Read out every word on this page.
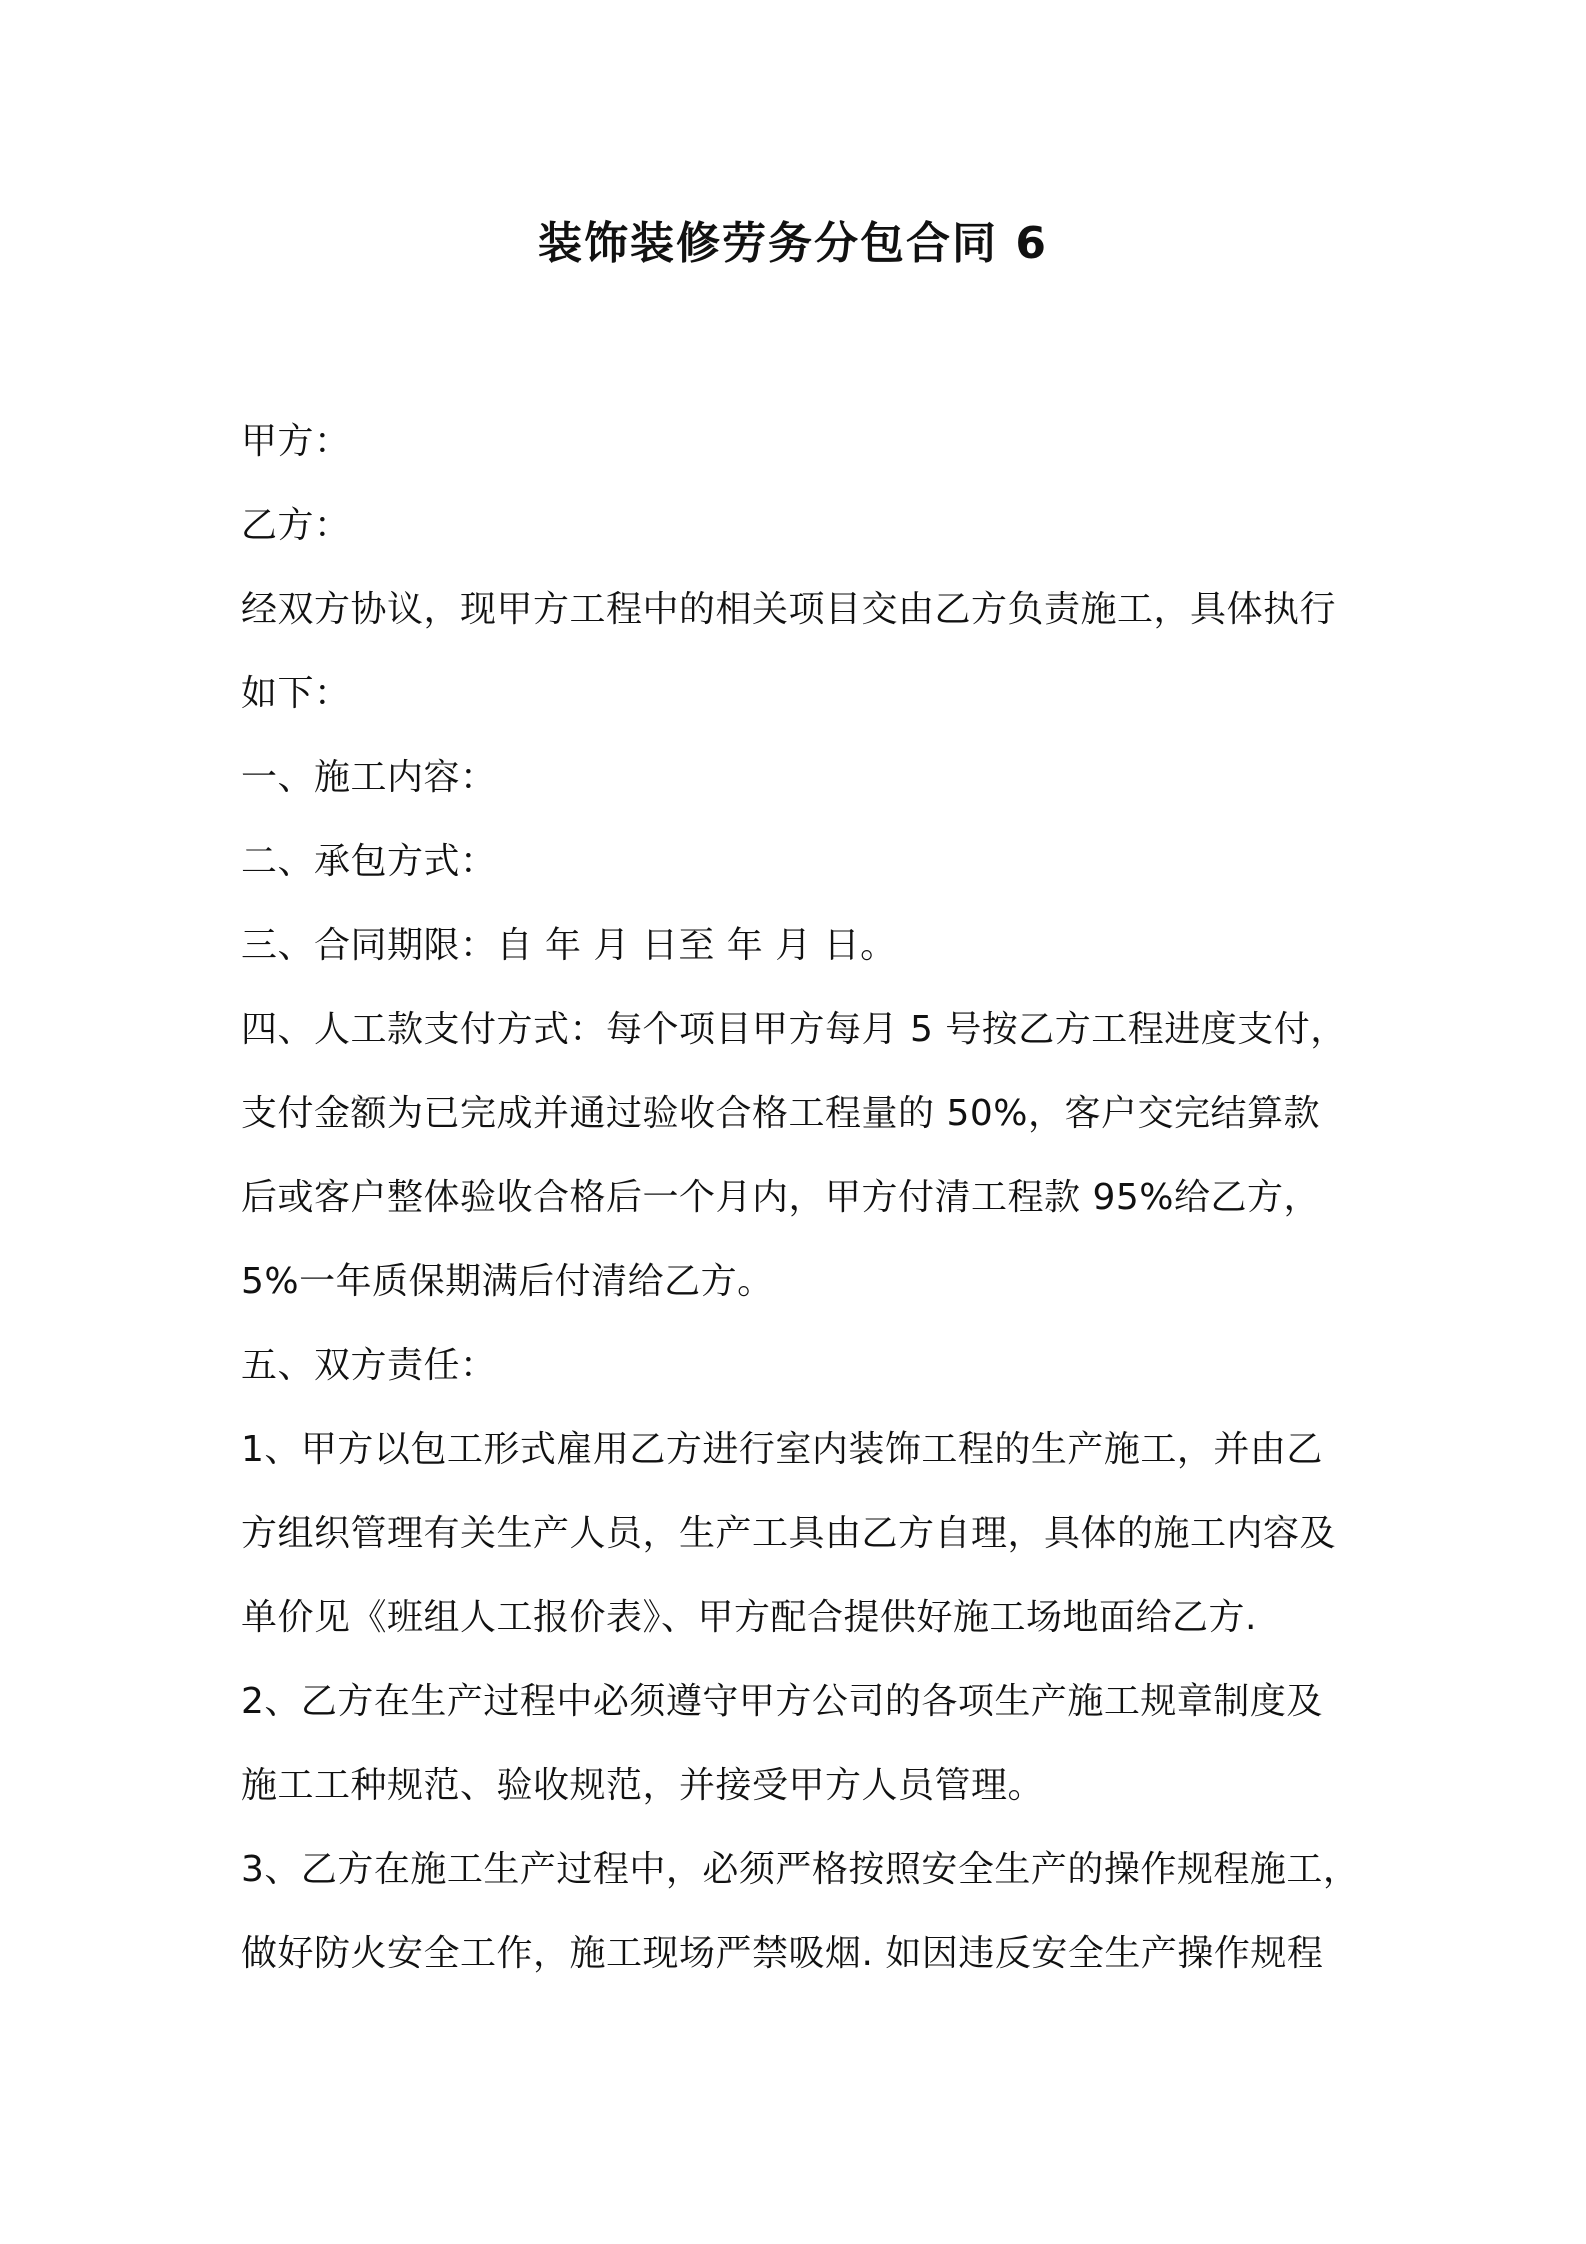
装饰装修劳务分包合同 6
甲方：
乙方：
经双方协议，现甲方工程中的相关项目交由乙方负责施工，具体执行
如下：
一、施工内容：
二、承包方式：
三、合同期限：自 年 月 日至 年 月 日。
四、人工款支付方式：每个项目甲方每月 5 号按乙方工程进度支付，
支付金额为已完成并通过验收合格工程量的 50%，客户交完结算款
后或客户整体验收合格后一个月内，甲方付清工程款 95%给乙方，
5%一年质保期满后付清给乙方。
五、双方责任：
1、甲方以包工形式雇用乙方进行室内装饰工程的生产施工，并由乙
方组织管理有关生产人员，生产工具由乙方自理，具体的施工内容及
单价见《班组人工报价表》、甲方配合提供好施工场地面给乙方.
2、乙方在生产过程中必须遵守甲方公司的各项生产施工规章制度及
施工工种规范、验收规范，并接受甲方人员管理。
3、乙方在施工生产过程中，必须严格按照安全生产的操作规程施工，
做好防火安全工作，施工现场严禁吸烟. 如因违反安全生产操作规程
